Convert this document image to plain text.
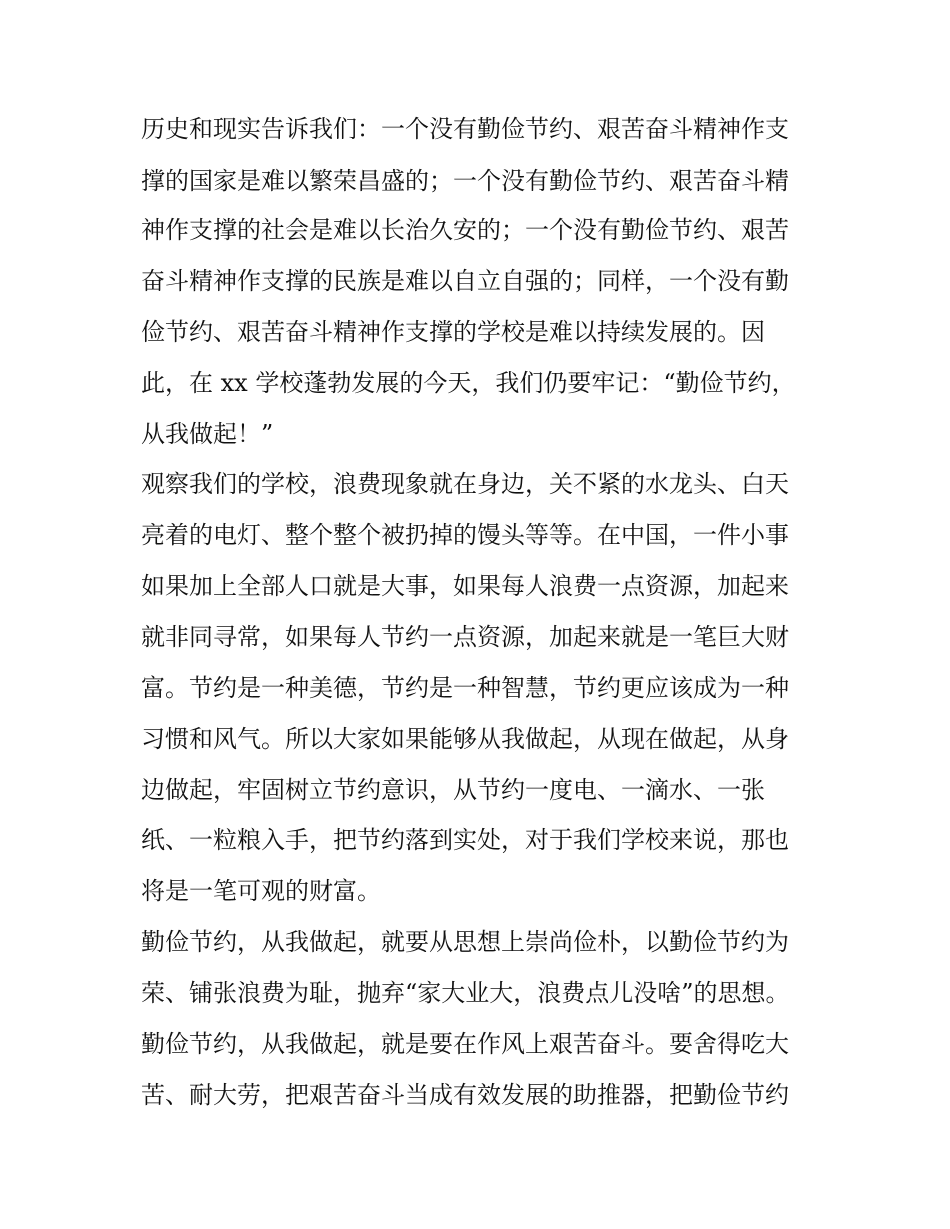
历史和现实告诉我们：一个没有勤俭节约、艰苦奋斗精神作支
撑的国家是难以繁荣昌盛的；一个没有勤俭节约、艰苦奋斗精
神作支撑的社会是难以长治久安的；一个没有勤俭节约、艰苦
奋斗精神作支撑的民族是难以自立自强的；同样，一个没有勤
俭节约、艰苦奋斗精神作支撑的学校是难以持续发展的。因
此，在 xx 学校蓬勃发展的今天，我们仍要牢记：“勤俭节约，
从我做起！”
观察我们的学校，浪费现象就在身边，关不紧的水龙头、白天
亮着的电灯、整个整个被扔掉的馒头等等。在中国，一件小事
如果加上全部人口就是大事，如果每人浪费一点资源，加起来
就非同寻常，如果每人节约一点资源，加起来就是一笔巨大财
富。节约是一种美德，节约是一种智慧，节约更应该成为一种
习惯和风气。所以大家如果能够从我做起，从现在做起，从身
边做起，牢固树立节约意识，从节约一度电、一滴水、一张
纸、一粒粮入手，把节约落到实处，对于我们学校来说，那也
将是一笔可观的财富。
勤俭节约，从我做起，就要从思想上崇尚俭朴，以勤俭节约为
荣、铺张浪费为耻，抛弃“家大业大，浪费点儿没啥”的思想。
勤俭节约，从我做起，就是要在作风上艰苦奋斗。要舍得吃大
苦、耐大劳，把艰苦奋斗当成有效发展的助推器，把勤俭节约
